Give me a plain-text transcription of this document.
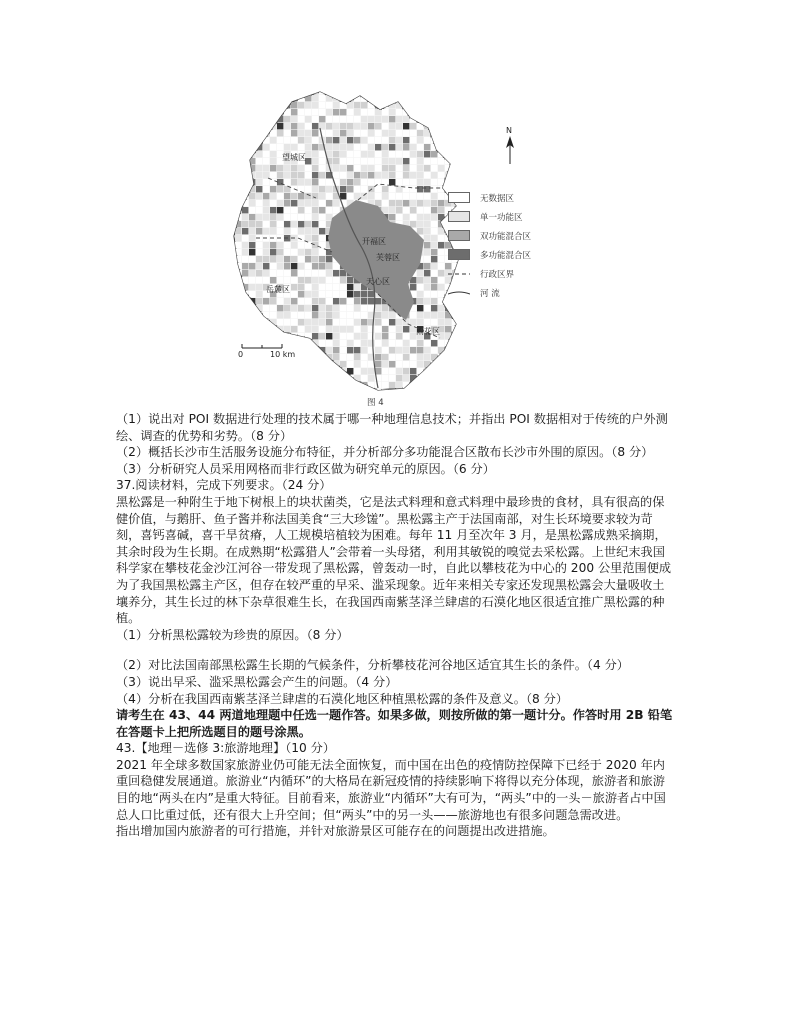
N
0	10 km
望城区
开福区
芙蓉区
天心区
岳麓区
雨花区
无数据区
单一功能区
双功能混合区
多功能混合区
行政区界
河 流
图 4

（1）说出对 POI 数据进行处理的技术属于哪一种地理信息技术；并指出 POI 数据相对于传统的户外测绘、调查的优势和劣势。（8 分）

（2）概括长沙市生活服务设施分布特征，并分析部分多功能混合区散布长沙市外围的原因。（8 分）

（3）分析研究人员采用网格而非行政区做为研究单元的原因。（6 分）

37.阅读材料，完成下列要求。（24 分）

黑松露是一种附生于地下树根上的块状菌类，它是法式料理和意式料理中最珍贵的食材，具有很高的保健价值，与鹅肝、鱼子酱并称法国美食“三大珍馐”。黑松露主产于法国南部，对生长环境要求较为苛刻，喜钙喜碱，喜干旱贫瘠，人工规模培植较为困难。每年 11 月至次年 3 月，是黑松露成熟采摘期，其余时段为生长期。在成熟期“松露猎人”会带着一头母猪，利用其敏锐的嗅觉去采松露。上世纪末我国科学家在攀枝花金沙江河谷一带发现了黑松露，曾轰动一时，自此以攀枝花为中心的 200 公里范围便成为了我国黑松露主产区，但存在较严重的早采、滥采现象。近年来相关专家还发现黑松露会大量吸收土壤养分，其生长过的林下杂草很难生长，在我国西南紫茎泽兰肆虐的石漠化地区很适宜推广黑松露的种植。

（1）分析黑松露较为珍贵的原因。（8 分）

（2）对比法国南部黑松露生长期的气候条件，分析攀枝花河谷地区适宜其生长的条件。（4 分）

（3）说出早采、滥采黑松露会产生的问题。（4 分）

（4）分析在我国西南紫茎泽兰肆虐的石漠化地区种植黑松露的条件及意义。（8 分）

请考生在 43、44 两道地理题中任选一题作答。如果多做，则按所做的第一题计分。作答时用 2B 铅笔在答题卡上把所选题目的题号涂黑。

43.【地理－选修 3:旅游地理】（10 分）

2021 年全球多数国家旅游业仍可能无法全面恢复，而中国在出色的疫情防控保障下已经于 2020 年内重回稳健发展通道。旅游业“内循环”的大格局在新冠疫情的持续影响下将得以充分体现，旅游者和旅游目的地“两头在内”是重大特征。目前看来，旅游业“内循环”大有可为，“两头”中的一头－旅游者占中国总人口比重过低，还有很大上升空间；但“两头”中的另一头——旅游地也有很多问题急需改进。

指出增加国内旅游者的可行措施，并针对旅游景区可能存在的问题提出改进措施。
